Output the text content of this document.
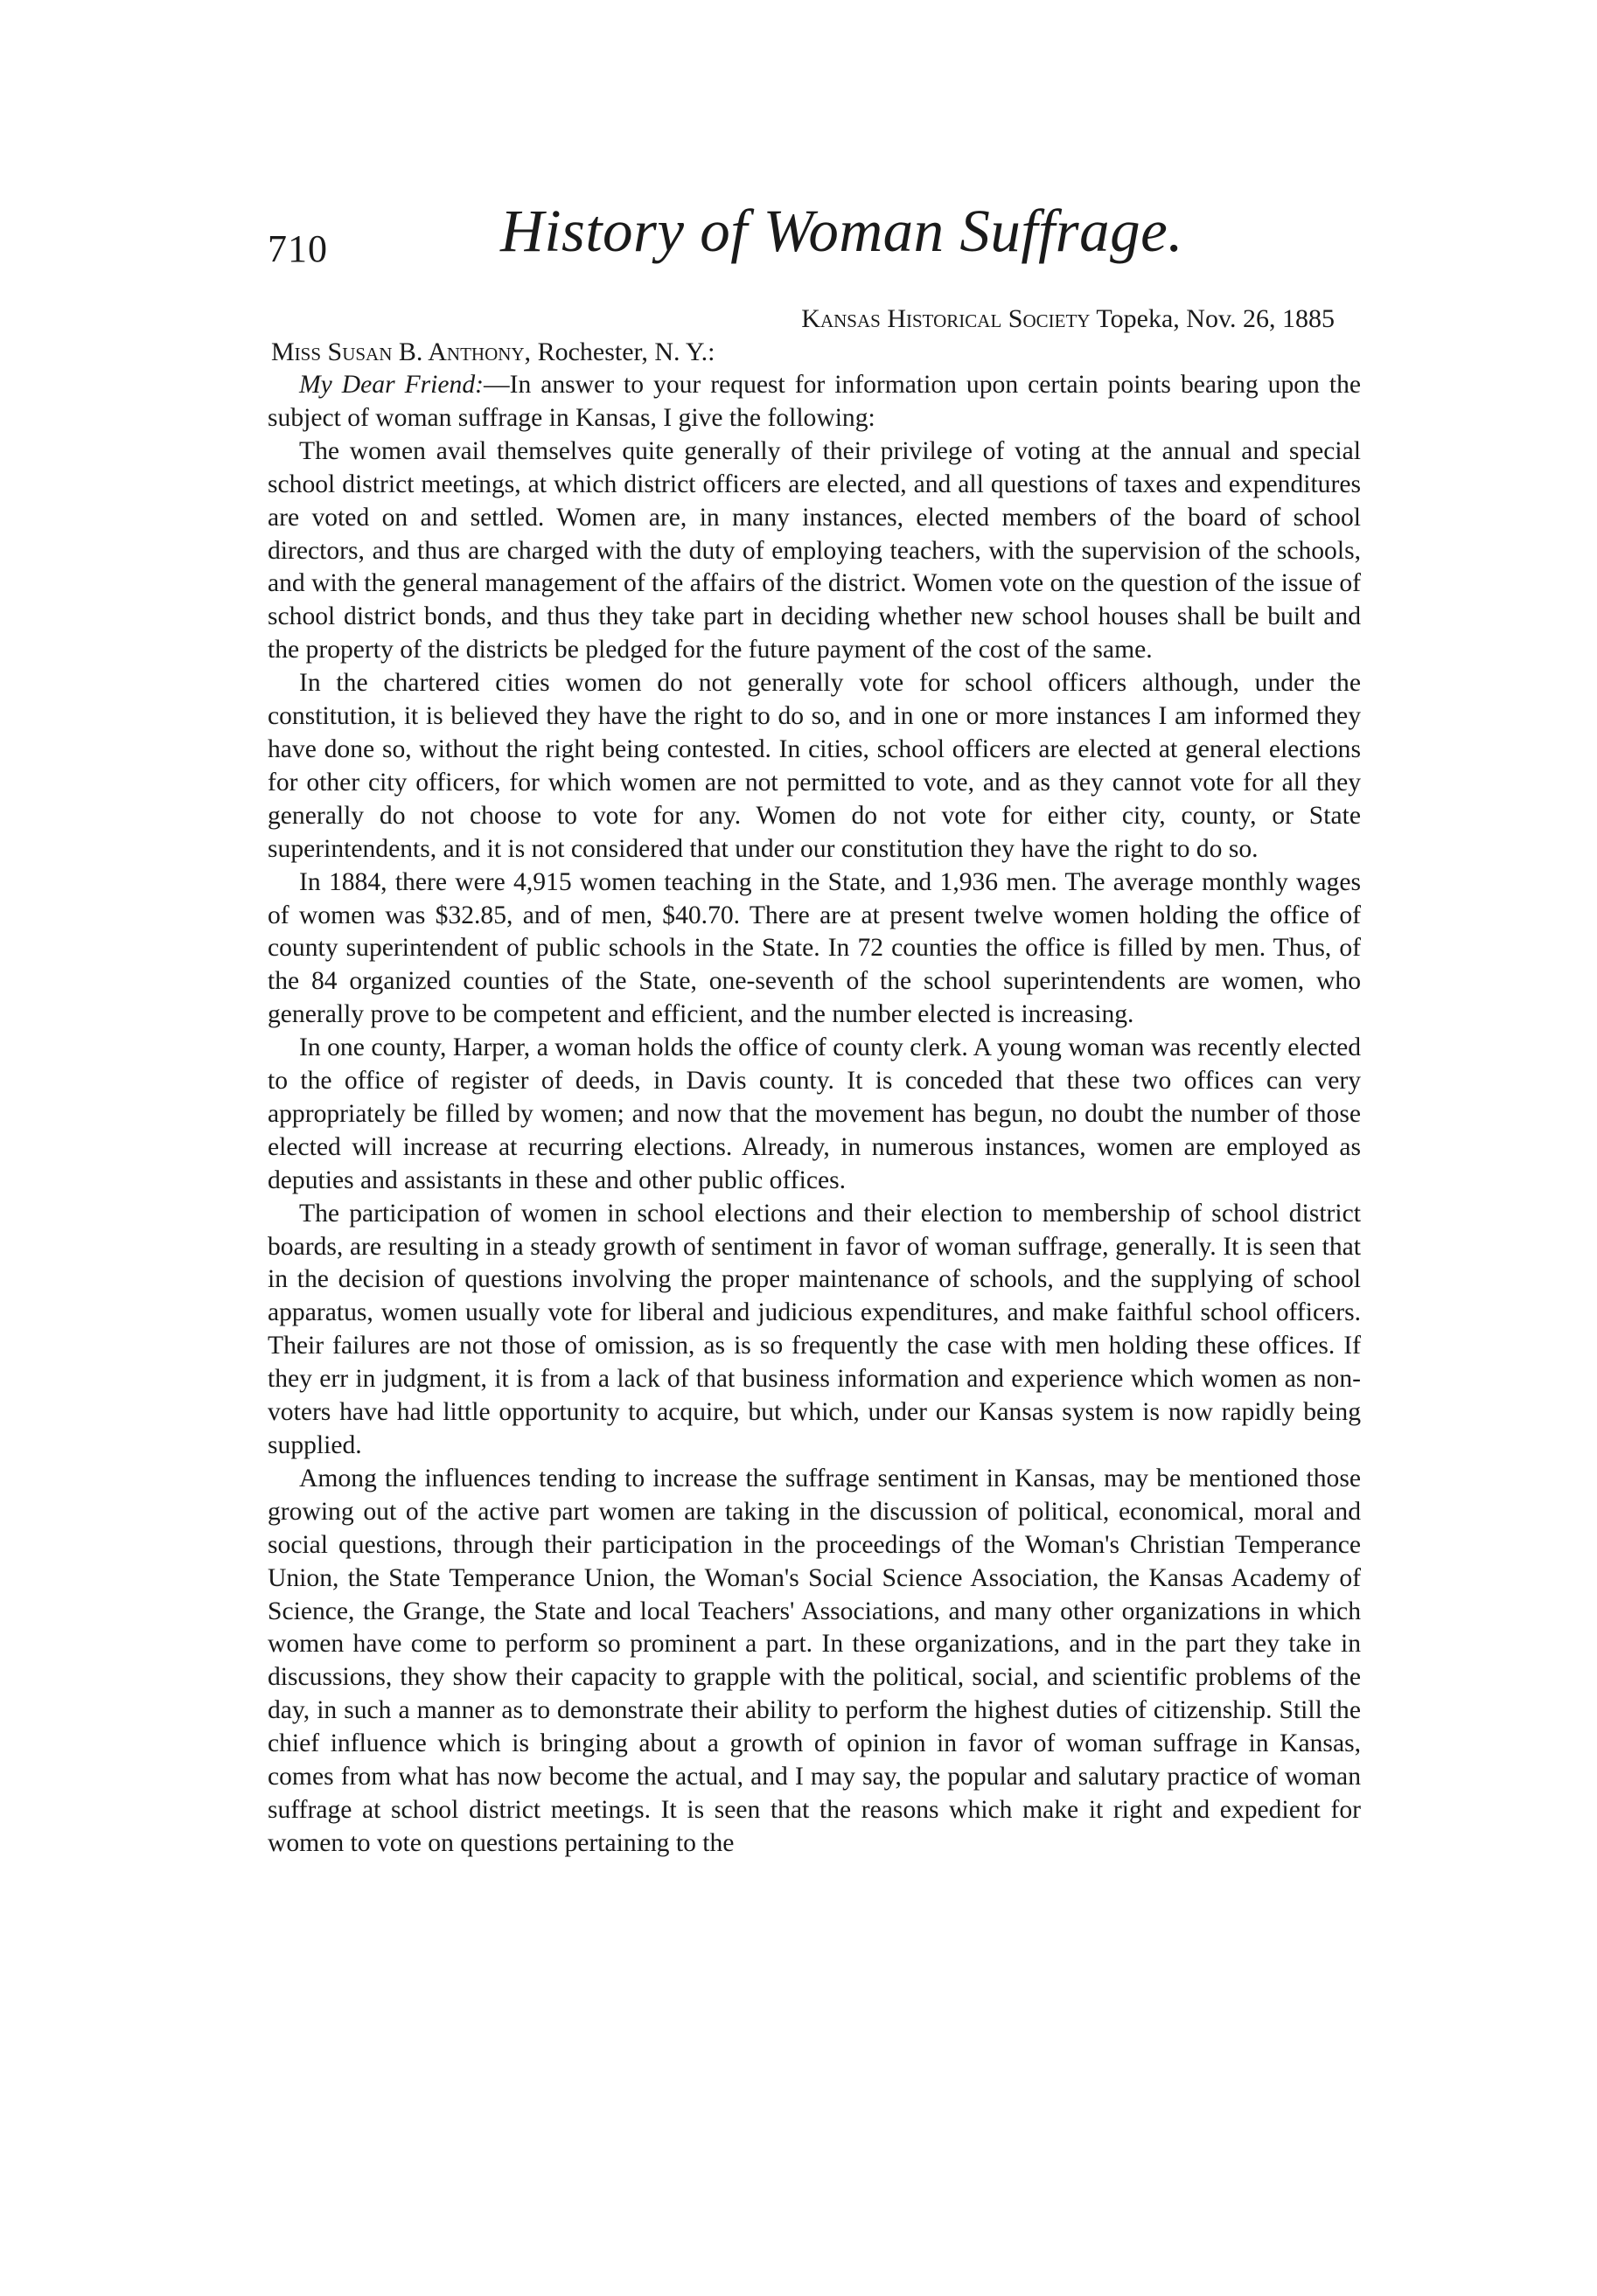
710	History of Woman Suffrage.
Kansas Historical Society Topeka, Nov. 26, 1885
Miss Susan B. Anthony, Rochester, N. Y.:

My Dear Friend:—In answer to your request for information upon certain points bearing upon the subject of woman suffrage in Kansas, I give the following:

The women avail themselves quite generally of their privilege of voting at the annual and special school district meetings, at which district officers are elected, and all questions of taxes and expenditures are voted on and settled. Women are, in many instances, elected members of the board of school directors, and thus are charged with the duty of employing teachers, with the supervision of the schools, and with the general management of the affairs of the district. Women vote on the question of the issue of school district bonds, and thus they take part in deciding whether new school houses shall be built and the property of the districts be pledged for the future payment of the cost of the same.

In the chartered cities women do not generally vote for school officers although, under the constitution, it is believed they have the right to do so, and in one or more instances I am informed they have done so, without the right being contested. In cities, school officers are elected at general elections for other city officers, for which women are not permitted to vote, and as they cannot vote for all they generally do not choose to vote for any. Women do not vote for either city, county, or State superintendents, and it is not considered that under our constitution they have the right to do so.

In 1884, there were 4,915 women teaching in the State, and 1,936 men. The average monthly wages of women was $32.85, and of men, $40.70. There are at present twelve women holding the office of county superintendent of public schools in the State. In 72 counties the office is filled by men. Thus, of the 84 organized counties of the State, one-seventh of the school superintendents are women, who generally prove to be competent and efficient, and the number elected is increasing.

In one county, Harper, a woman holds the office of county clerk. A young woman was recently elected to the office of register of deeds, in Davis county. It is conceded that these two offices can very appropriately be filled by women; and now that the movement has begun, no doubt the number of those elected will increase at recurring elections. Already, in numerous instances, women are employed as deputies and assistants in these and other public offices.

The participation of women in school elections and their election to membership of school district boards, are resulting in a steady growth of sentiment in favor of woman suffrage, generally. It is seen that in the decision of questions involving the proper maintenance of schools, and the supplying of school apparatus, women usually vote for liberal and judicious expenditures, and make faithful school officers. Their failures are not those of omission, as is so frequently the case with men holding these offices. If they err in judgment, it is from a lack of that business information and experience which women as non-voters have had little opportunity to acquire, but which, under our Kansas system is now rapidly being supplied.

Among the influences tending to increase the suffrage sentiment in Kansas, may be mentioned those growing out of the active part women are taking in the discussion of political, economical, moral and social questions, through their participation in the proceedings of the Woman's Christian Temperance Union, the State Temperance Union, the Woman's Social Science Association, the Kansas Academy of Science, the Grange, the State and local Teachers' Associations, and many other organizations in which women have come to perform so prominent a part. In these organizations, and in the part they take in discussions, they show their capacity to grapple with the political, social, and scientific problems of the day, in such a manner as to demonstrate their ability to perform the highest duties of citizenship. Still the chief influence which is bringing about a growth of opinion in favor of woman suffrage in Kansas, comes from what has now become the actual, and I may say, the popular and salutary practice of woman suffrage at school district meetings. It is seen that the reasons which make it right and expedient for women to vote on questions pertaining to the
